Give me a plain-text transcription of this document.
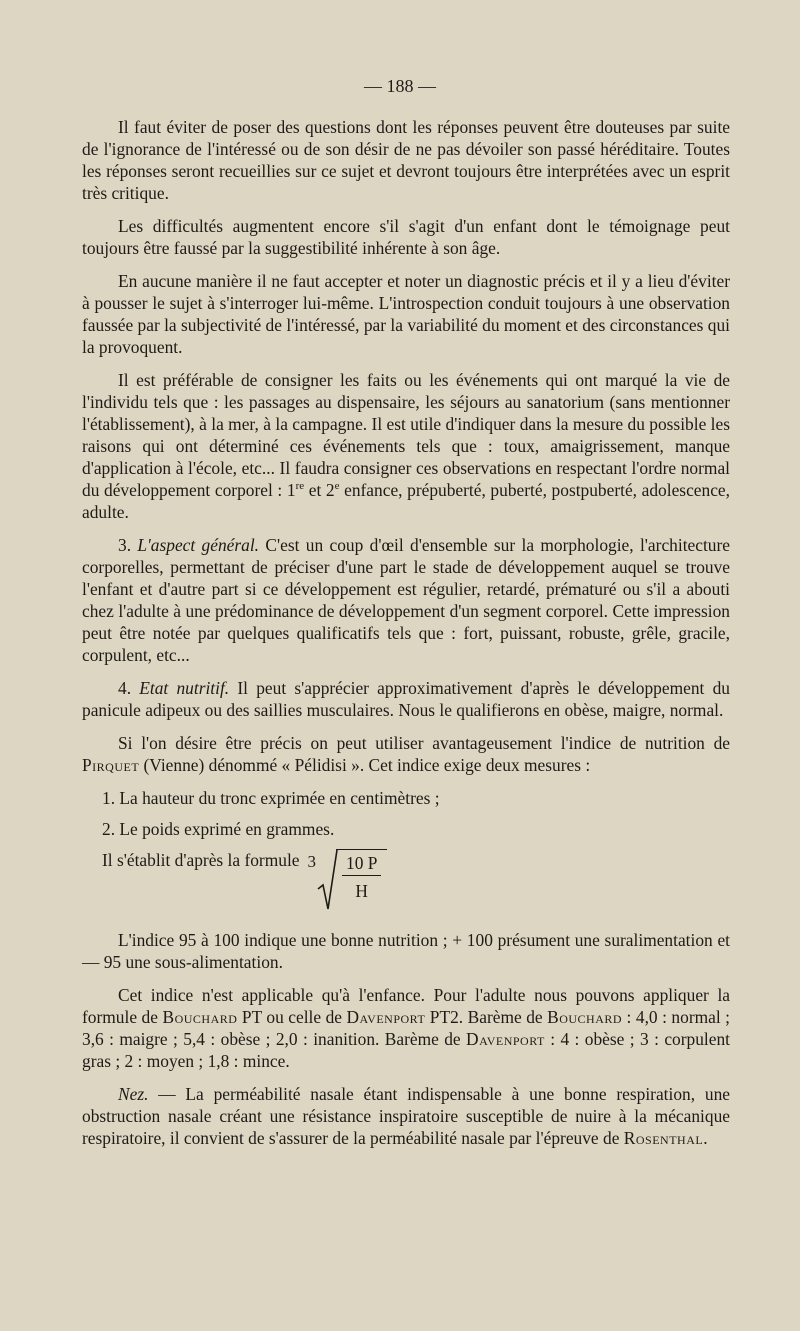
— 188 —

Il faut éviter de poser des questions dont les réponses peuvent être douteuses par suite de l'ignorance de l'intéressé ou de son désir de ne pas dévoiler son passé héréditaire. Toutes les réponses seront recueillies sur ce sujet et devront toujours être interprétées avec un esprit très critique.

Les difficultés augmentent encore s'il s'agit d'un enfant dont le témoignage peut toujours être faussé par la suggestibilité inhérente à son âge.

En aucune manière il ne faut accepter et noter un diagnostic précis et il y a lieu d'éviter à pousser le sujet à s'interroger lui-même. L'introspection conduit toujours à une observation faussée par la subjectivité de l'intéressé, par la variabilité du moment et des circonstances qui la provoquent.

Il est préférable de consigner les faits ou les événements qui ont marqué la vie de l'individu tels que : les passages au dispensaire, les séjours au sanatorium (sans mentionner l'établissement), à la mer, à la campagne. Il est utile d'indiquer dans la mesure du possible les raisons qui ont déterminé ces événements tels que : toux, amaigrissement, manque d'application à l'école, etc... Il faudra consigner ces observations en respectant l'ordre normal du développement corporel : 1re et 2e enfance, prépuberté, puberté, postpuberté, adolescence, adulte.

3. L'aspect général. C'est un coup d'œil d'ensemble sur la morphologie, l'architecture corporelles, permettant de préciser d'une part le stade de développement auquel se trouve l'enfant et d'autre part si ce développement est régulier, retardé, prématuré ou s'il a abouti chez l'adulte à une prédominance de développement d'un segment corporel. Cette impression peut être notée par quelques qualificatifs tels que : fort, puissant, robuste, grêle, gracile, corpulent, etc...

4. Etat nutritif. Il peut s'apprécier approximativement d'après le développement du panicule adipeux ou des saillies musculaires. Nous le qualifierons en obèse, maigre, normal.

Si l'on désire être précis on peut utiliser avantageusement l'indice de nutrition de Pirquet (Vienne) dénommé « Pélidisi ». Cet indice exige deux mesures :

1. La hauteur du tronc exprimée en centimètres ;

2. Le poids exprimé en grammes.

Il s'établit d'après la formule $3 \frac{10 P}{H}$

L'indice 95 à 100 indique une bonne nutrition ; + 100 présument une suralimentation et — 95 une sous-alimentation.

Cet indice n'est applicable qu'à l'enfance. Pour l'adulte nous pouvons appliquer la formule de Bouchard PT ou celle de Davenport PT2. Barème de Bouchard : 4,0 : normal ; 3,6 : maigre ; 5,4 : obèse ; 2,0 : inanition. Barème de Davenport : 4 : obèse ; 3 : corpulent gras ; 2 : moyen ; 1,8 : mince.

Nez. — La perméabilité nasale étant indispensable à une bonne respiration, une obstruction nasale créant une résistance inspiratoire susceptible de nuire à la mécanique respiratoire, il convient de s'assurer de la perméabilité nasale par l'épreuve de Rosenthal.
